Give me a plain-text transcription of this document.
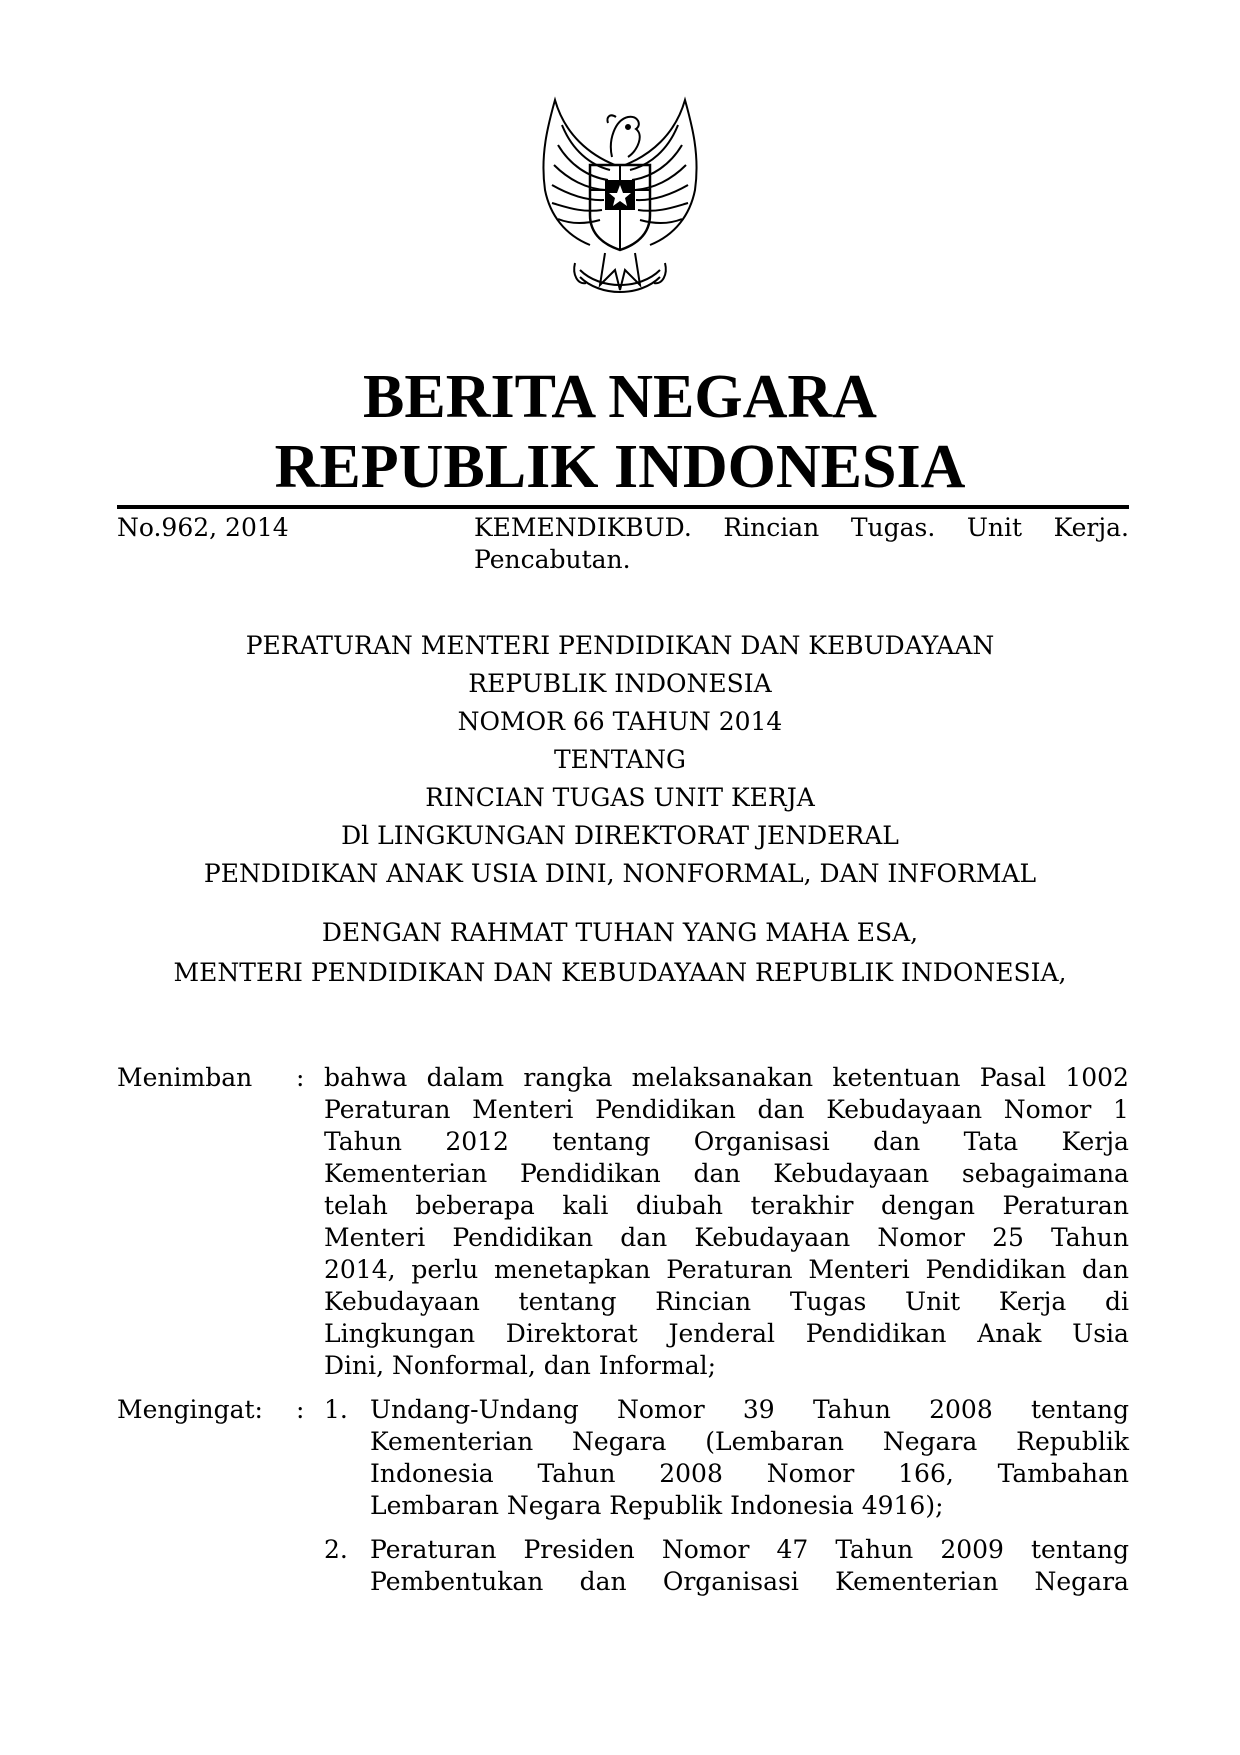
BERITA NEGARA
REPUBLIK INDONESIA
No.962, 2014	KEMENDIKBUD. Rincian Tugas. Unit Kerja.
Pencabutan.
PERATURAN MENTERI PENDIDIKAN DAN KEBUDAYAAN
REPUBLIK INDONESIA
NOMOR 66 TAHUN 2014
TENTANG
RINCIAN TUGAS UNIT KERJA
Dl LINGKUNGAN DIREKTORAT JENDERAL
PENDIDIKAN ANAK USIA DINI, NONFORMAL, DAN INFORMAL
DENGAN RAHMAT TUHAN YANG MAHA ESA,
MENTERI PENDIDIKAN DAN KEBUDAYAAN REPUBLIK INDONESIA,
Menimban : bahwa dalam rangka melaksanakan ketentuan Pasal 1002
Peraturan Menteri Pendidikan dan Kebudayaan Nomor 1
Tahun 2012 tentang Organisasi dan Tata Kerja
Kementerian Pendidikan dan Kebudayaan sebagaimana
telah beberapa kali diubah terakhir dengan Peraturan
Menteri Pendidikan dan Kebudayaan Nomor 25 Tahun
2014, perlu menetapkan Peraturan Menteri Pendidikan dan
Kebudayaan tentang Rincian Tugas Unit Kerja di
Lingkungan Direktorat Jenderal Pendidikan Anak Usia
Dini, Nonformal, dan Informal;
Mengingat: : 1. Undang-Undang Nomor 39 Tahun 2008 tentang
Kementerian Negara (Lembaran Negara Republik
Indonesia Tahun 2008 Nomor 166, Tambahan
Lembaran Negara Republik Indonesia 4916);
2. Peraturan Presiden Nomor 47 Tahun 2009 tentang
Pembentukan dan Organisasi Kementerian Negara
